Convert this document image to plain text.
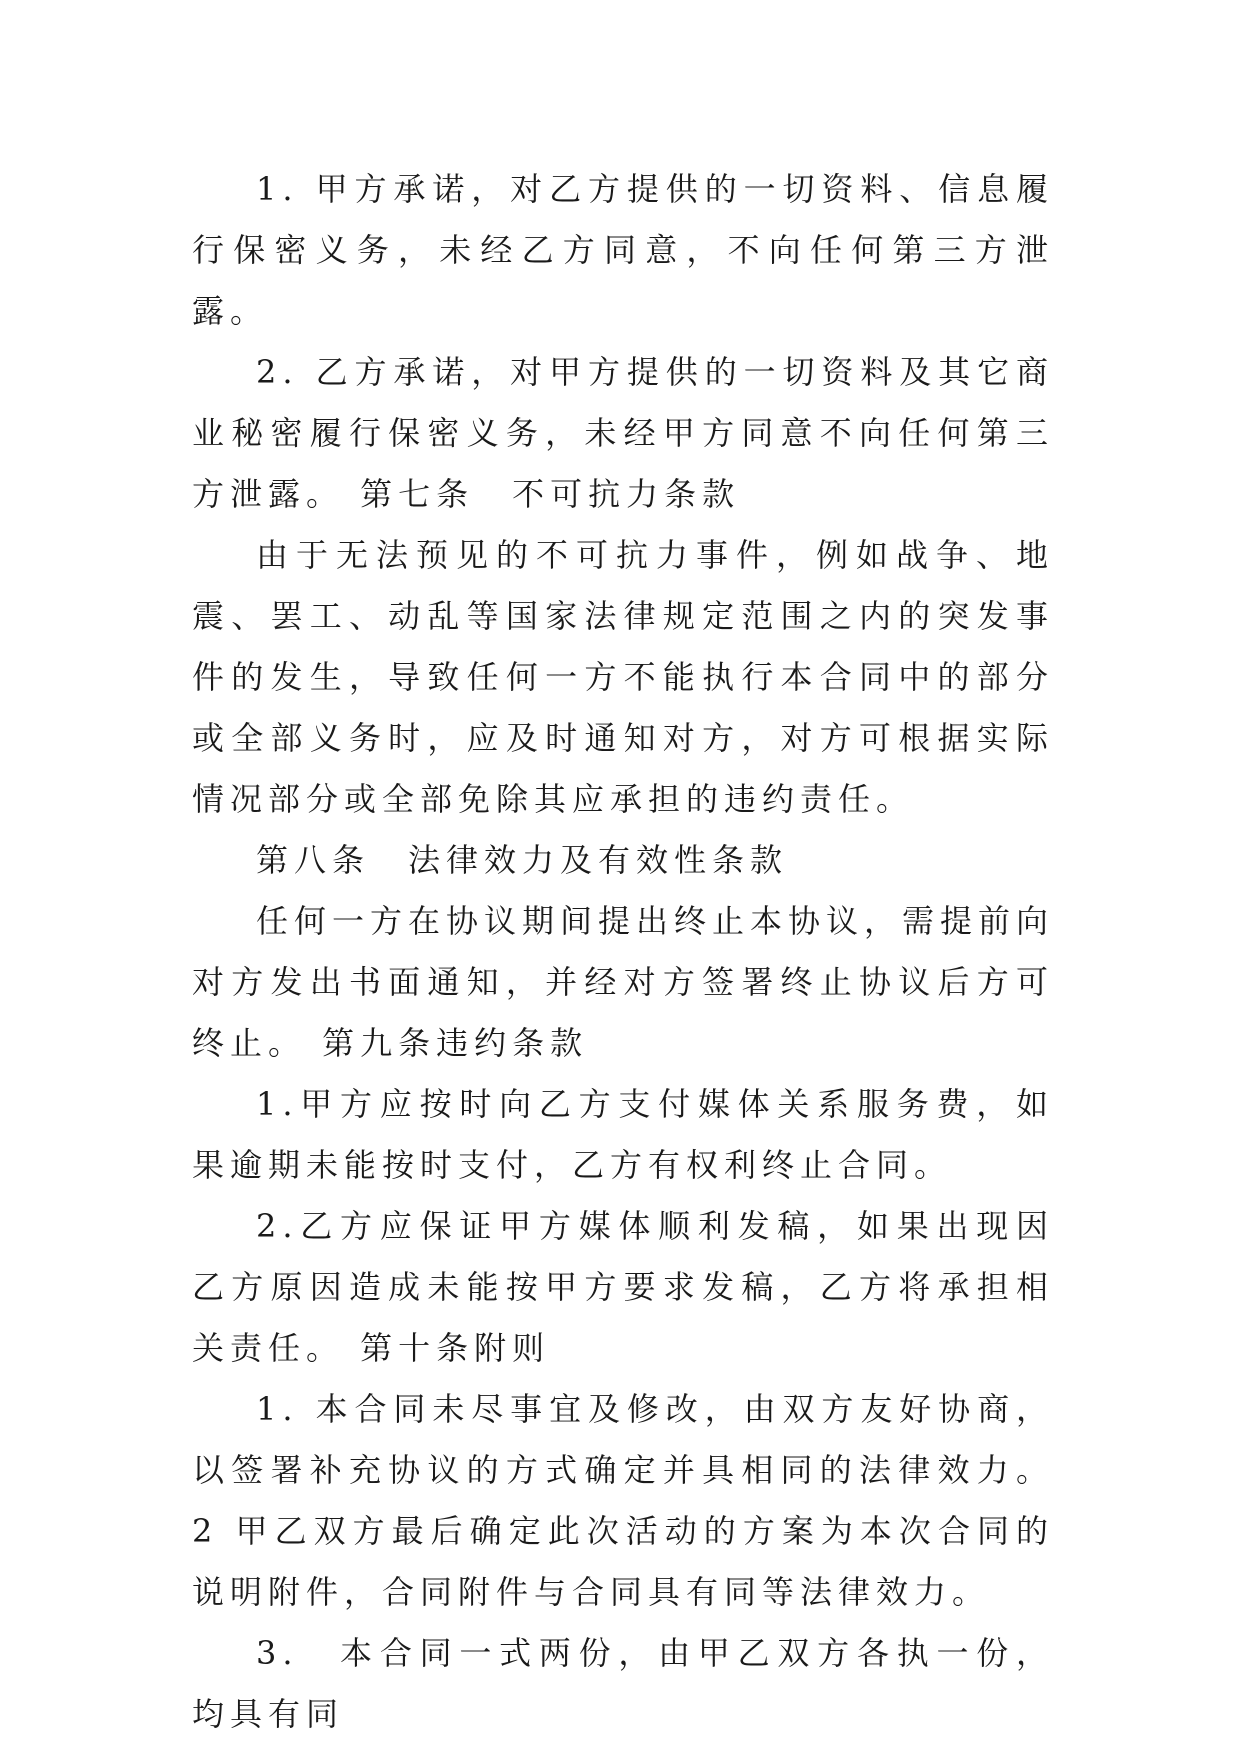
1. 甲方承诺，对乙方提供的一切资料、信息履行保密义务，未经乙方同意，不向任何第三方泄露。

2. 乙方承诺，对甲方提供的一切资料及其它商业秘密履行保密义务，未经甲方同意不向任何第三方泄露。 第七条　不可抗力条款

由于无法预见的不可抗力事件，例如战争、地震、罢工、动乱等国家法律规定范围之内的突发事件的发生，导致任何一方不能执行本合同中的部分或全部义务时，应及时通知对方，对方可根据实际情况部分或全部免除其应承担的违约责任。

第八条　法律效力及有效性条款

任何一方在协议期间提出终止本协议，需提前向对方发出书面通知，并经对方签署终止协议后方可终止。 第九条违约条款

1.甲方应按时向乙方支付媒体关系服务费，如果逾期未能按时支付，乙方有权利终止合同。

2.乙方应保证甲方媒体顺利发稿，如果出现因乙方原因造成未能按甲方要求发稿，乙方将承担相关责任。 第十条附则

1. 本合同未尽事宜及修改，由双方友好协商，以签署补充协议的方式确定并具相同的法律效力。2 甲乙双方最后确定此次活动的方案为本次合同的说明附件，合同附件与合同具有同等法律效力。

3.　本合同一式两份，由甲乙双方各执一份，均具有同
